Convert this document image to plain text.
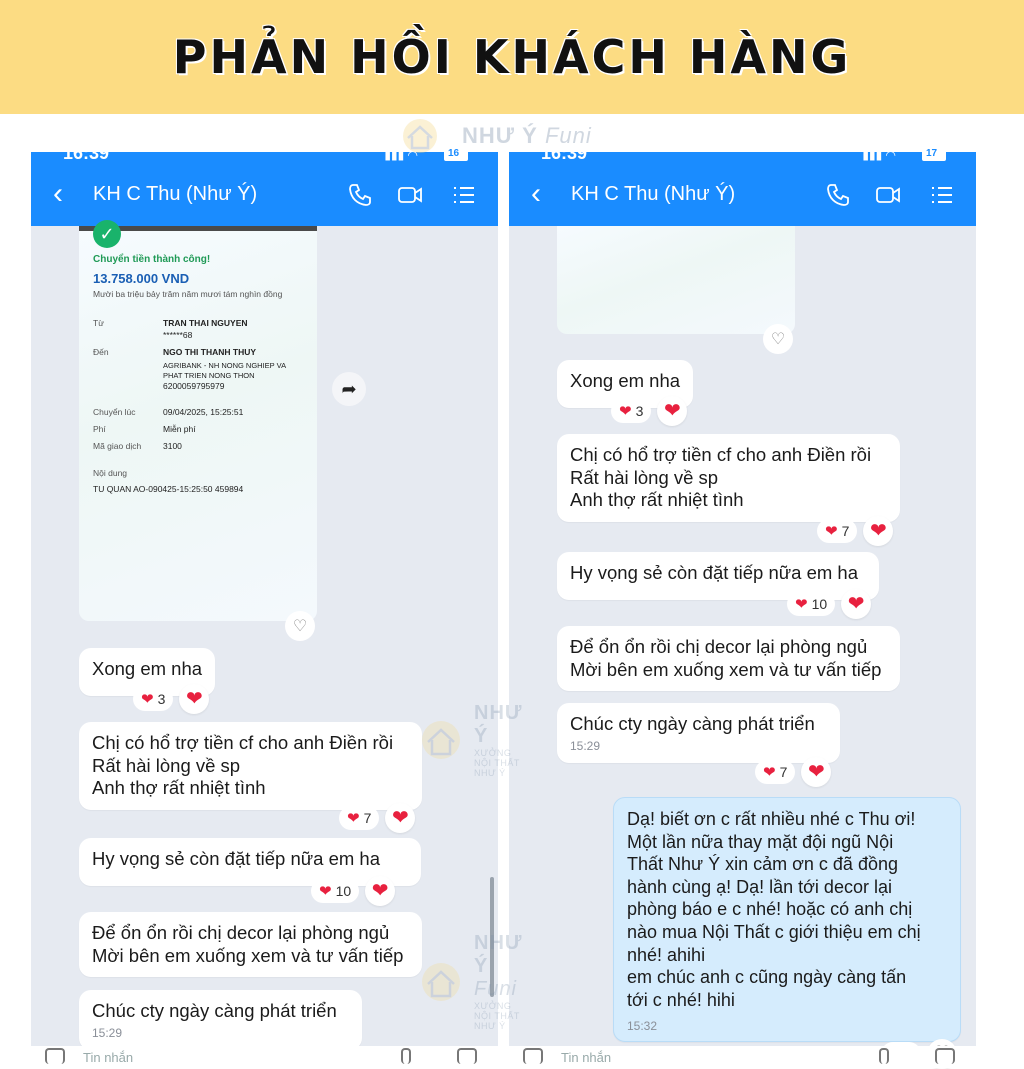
PHẢN HỒI KHÁCH HÀNG
NHƯ Ý Funi
16:39	▮▮▮ ◠	16
‹ KH C Thu (Như Ý)
✓
Chuyển tiền thành công!
13.758.000 VND
Mười ba triệu bảy trăm năm mươi tám nghìn đồng
Từ	TRAN THAI NGUYEN
******68
Đến	NGO THI THANH THUY
AGRIBANK - NH NONG NGHIEP VA
PHAT TRIEN NONG THON
6200059795979
Chuyển lúc	09/04/2025, 15:25:51
Phí	Miễn phí
Mã giao dịch	3100
Nội dung
TU QUAN AO-090425-15:25:50 459894
♡
➦
Xong em nha
❤ 3 ❤
Chị có hổ trợ tiền cf cho anh Điền rồi
Rất hài lòng về sp
Anh thợ rất nhiệt tình
❤ 7 ❤
Hy vọng sẻ còn đặt tiếp nữa em ha
❤ 10 ❤
Để ổn ổn rồi chị decor lại phòng ngủ
Mời bên em xuống xem và tư vấn tiếp
Chúc cty ngày càng phát triển
15:29
Tin nhắn
NHƯ Ý
XƯỞNG NỘI THẤT NHƯ Ý
NHƯ Ý Funi
XƯỞNG NỘI THẤT NHƯ Ý
16:39	▮▮▮ ◠	17
‹ KH C Thu (Như Ý)
♡
Xong em nha
❤ 3 ❤
Chị có hổ trợ tiền cf cho anh Điền rồi
Rất hài lòng về sp
Anh thợ rất nhiệt tình
❤ 7 ❤
Hy vọng sẻ còn đặt tiếp nữa em ha
❤ 10 ❤
Để ổn ổn rồi chị decor lại phòng ngủ
Mời bên em xuống xem và tư vấn tiếp
Chúc cty ngày càng phát triển
15:29
❤ 7 ❤
Dạ! biết ơn c rất nhiều nhé c Thu ơi!
Một lần nữa thay mặt đội ngũ Nội
Thất Như Ý xin cảm ơn c đã đồng
hành cùng ạ! Dạ! lần tới decor lại
phòng báo e c nhé! hoặc có anh chị
nào mua Nội Thất c giới thiệu em chị
nhé! ahihi
em chúc anh c cũng ngày càng tấn
tới c nhé! hihi
15:32
Tin nhắn
